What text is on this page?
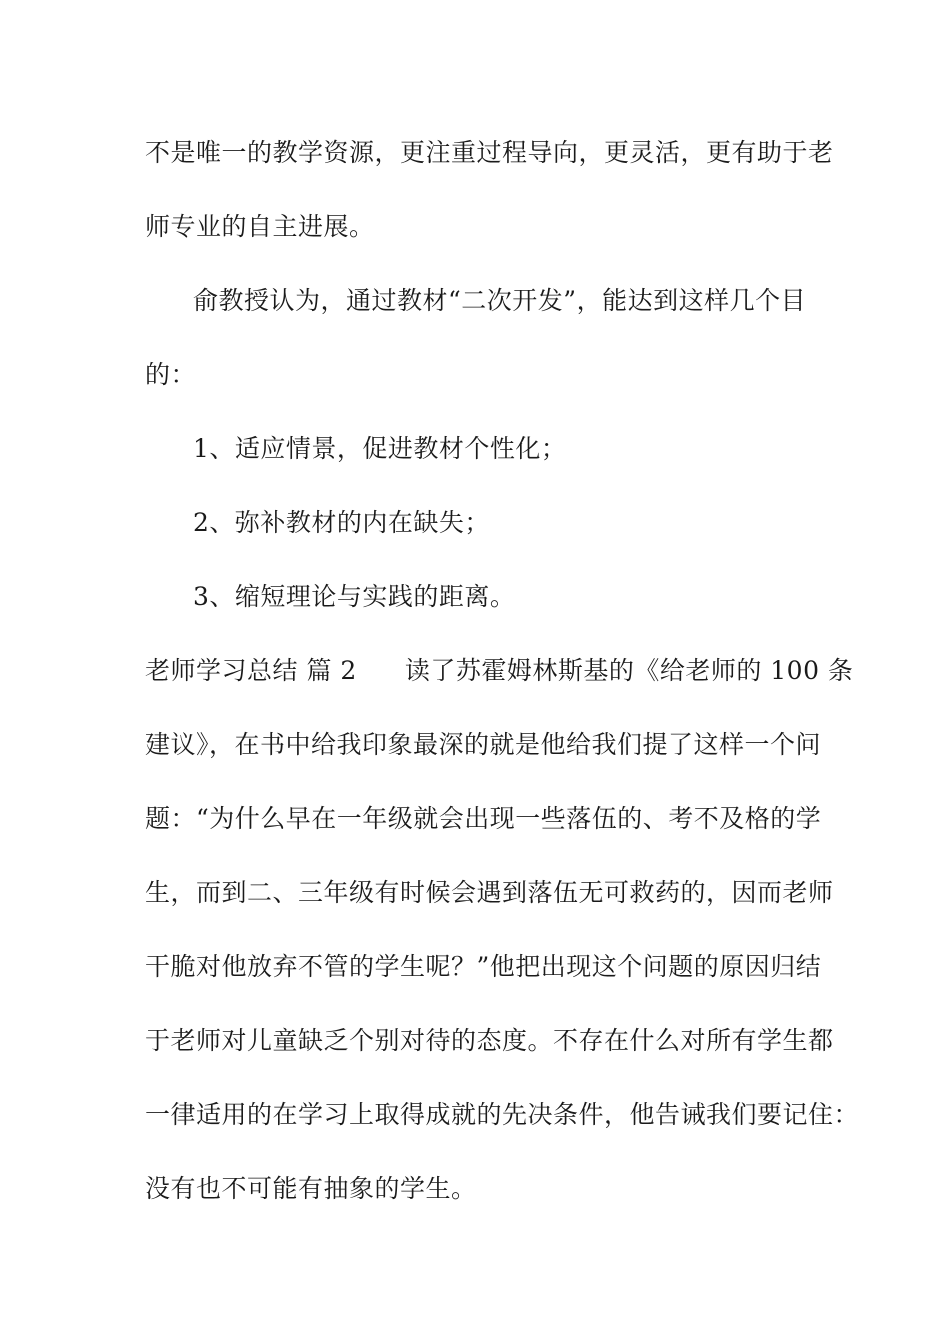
不是唯一的教学资源，更注重过程导向，更灵活，更有助于老
师专业的自主进展。
俞教授认为，通过教材“二次开发”，能达到这样几个目
的：
1、适应情景，促进教材个性化；
2、弥补教材的内在缺失；
3、缩短理论与实践的距离。
老师学习总结 篇 2 读了苏霍姆林斯基的《给老师的 100 条
建议》，在书中给我印象最深的就是他给我们提了这样一个问
题：“为什么早在一年级就会出现一些落伍的、考不及格的学
生，而到二、三年级有时候会遇到落伍无可救药的，因而老师
干脆对他放弃不管的学生呢？”他把出现这个问题的原因归结
于老师对儿童缺乏个别对待的态度。不存在什么对所有学生都
一律适用的在学习上取得成就的先决条件，他告诫我们要记住：
没有也不可能有抽象的学生。
